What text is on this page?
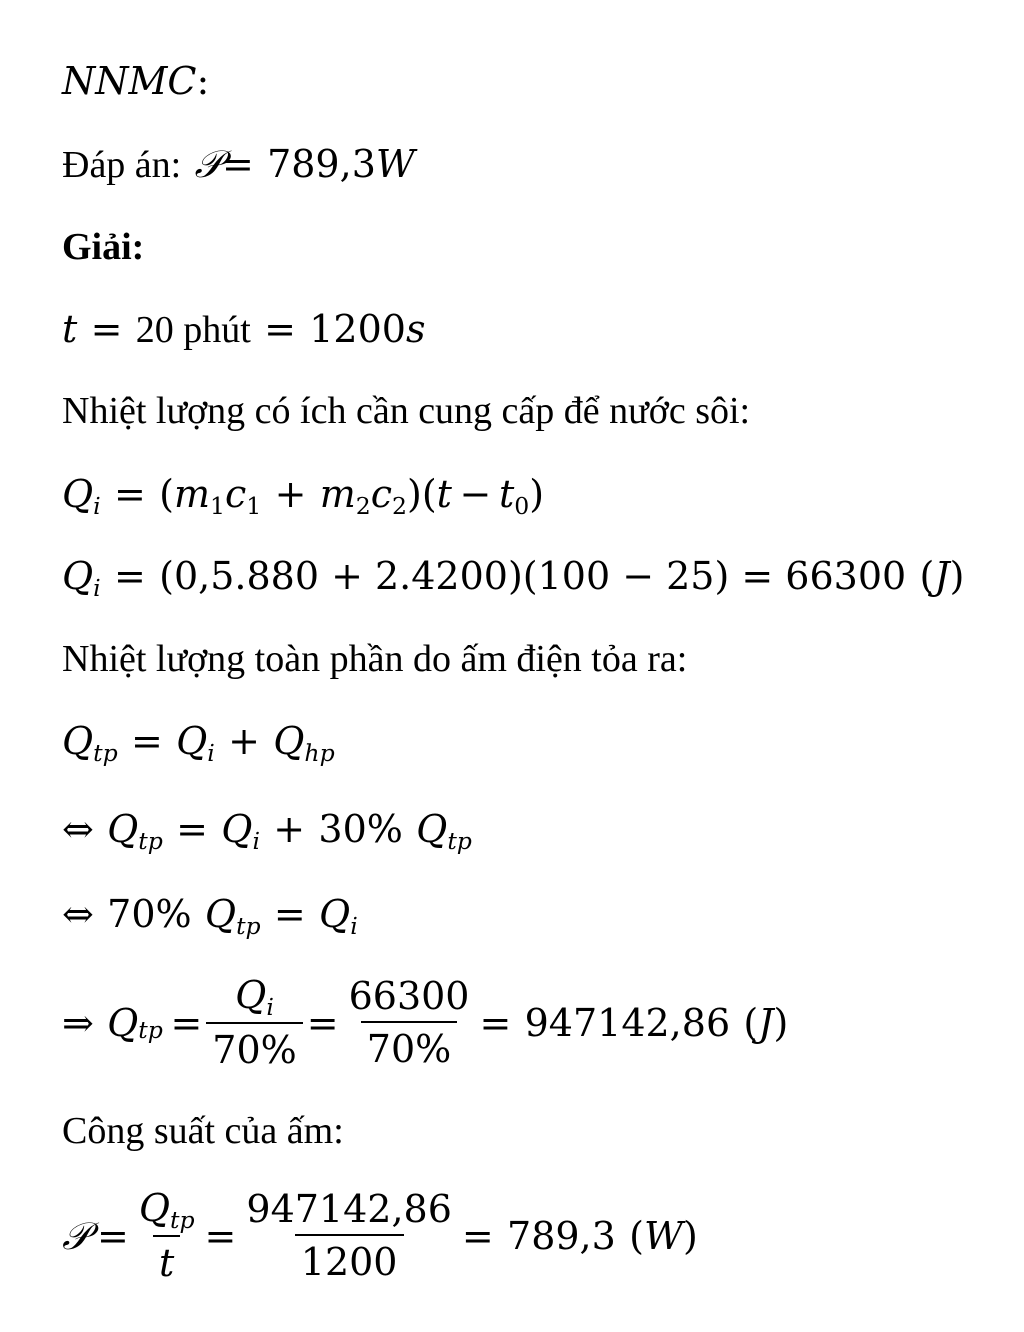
NNMC :
Đáp án: 𝒫 = 789,3 W
Giải:
t = 20 phút = 1200 s
Nhiệt lượng có ích cần cung cấp để nước sôi:
Q i = ( m 1 c 1 + m 2 c 2 ) ( t − t 0 )
Q i = (0,5.880 + 2.4200)(100 − 25) = 66300 ( J )
Nhiệt lượng toàn phần do ấm điện tỏa ra:
Q tp = Q i + Q hp
⇔ Q tp = Q i + 30% Q tp
⇔ 70% Q tp = Q i
⇒ Q tp = $\frac{Qi}{70\%} = \frac{66300}{70\%} = 947142,86$ ( J )
Công suất của ấm:
𝒫 = $\frac{\text{Qtp}}{t} = \frac{947142,86}{1200} = 789,3$ ( W )
